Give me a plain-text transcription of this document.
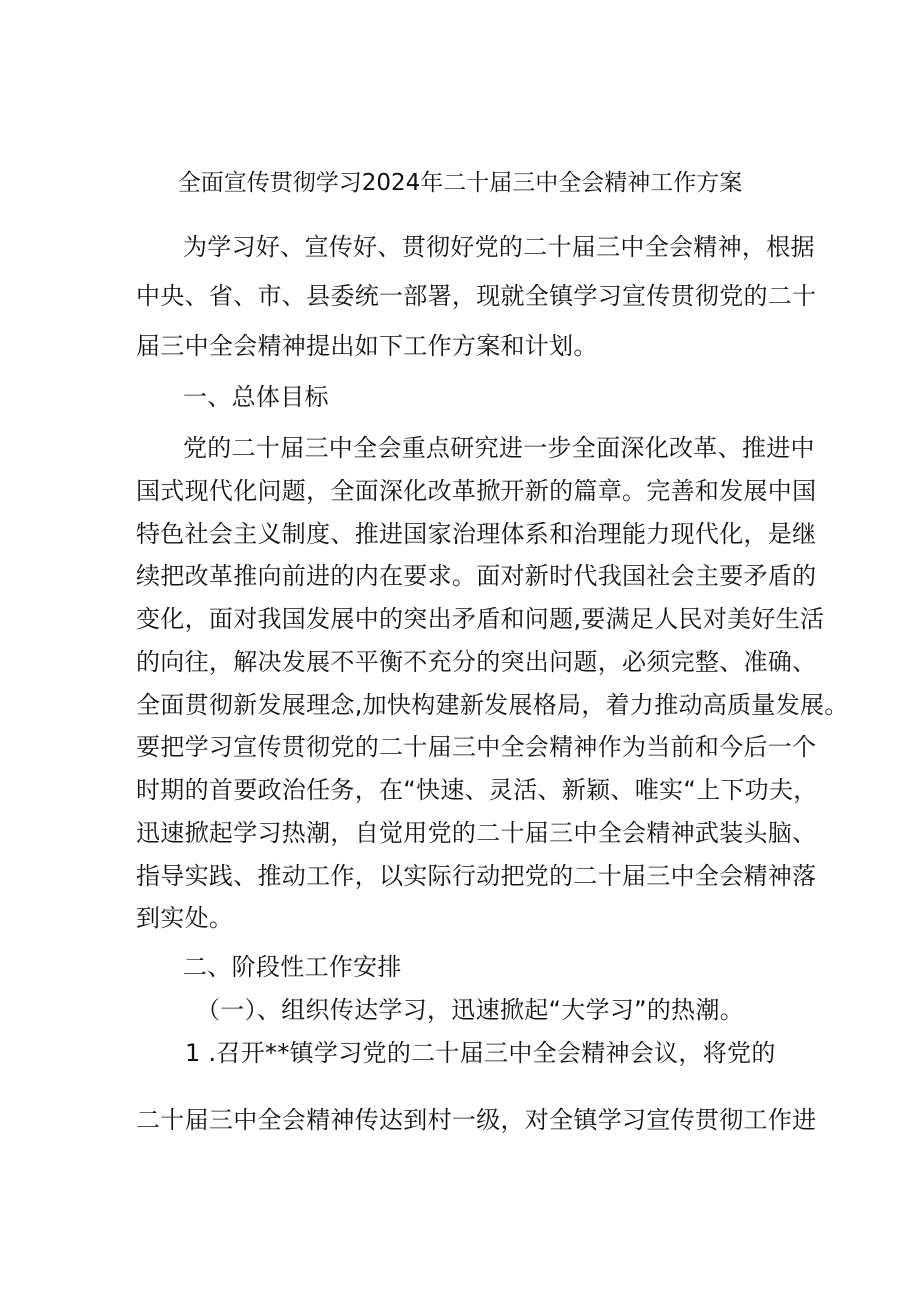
全面宣传贯彻学习2024年二十届三中全会精神工作方案
为学习好、宣传好、贯彻好党的二十届三中全会精神，根据
中央、省、市、县委统一部署，现就全镇学习宣传贯彻党的二十
届三中全会精神提出如下工作方案和计划。
一、总体目标
党的二十届三中全会重点研究进一步全面深化改革、推进中
国式现代化问题，全面深化改革掀开新的篇章。完善和发展中国
特色社会主义制度、推进国家治理体系和治理能力现代化，是继
续把改革推向前进的内在要求。面对新时代我国社会主要矛盾的
变化，面对我国发展中的突出矛盾和问题,要满足人民对美好生活
的向往，解决发展不平衡不充分的突出问题，必须完整、准确、
全面贯彻新发展理念,加快构建新发展格局，着力推动高质量发展。
要把学习宣传贯彻党的二十届三中全会精神作为当前和今后一个
时期的首要政治任务，在“快速、灵活、新颖、唯实“上下功夫，
迅速掀起学习热潮，自觉用党的二十届三中全会精神武装头脑、
指导实践、推动工作，以实际行动把党的二十届三中全会精神落
到实处。
二、阶段性工作安排
（一）、组织传达学习，迅速掀起“大学习”的热潮。
1 .召开**镇学习党的二十届三中全会精神会议，将党的
二十届三中全会精神传达到村一级，对全镇学习宣传贯彻工作进
